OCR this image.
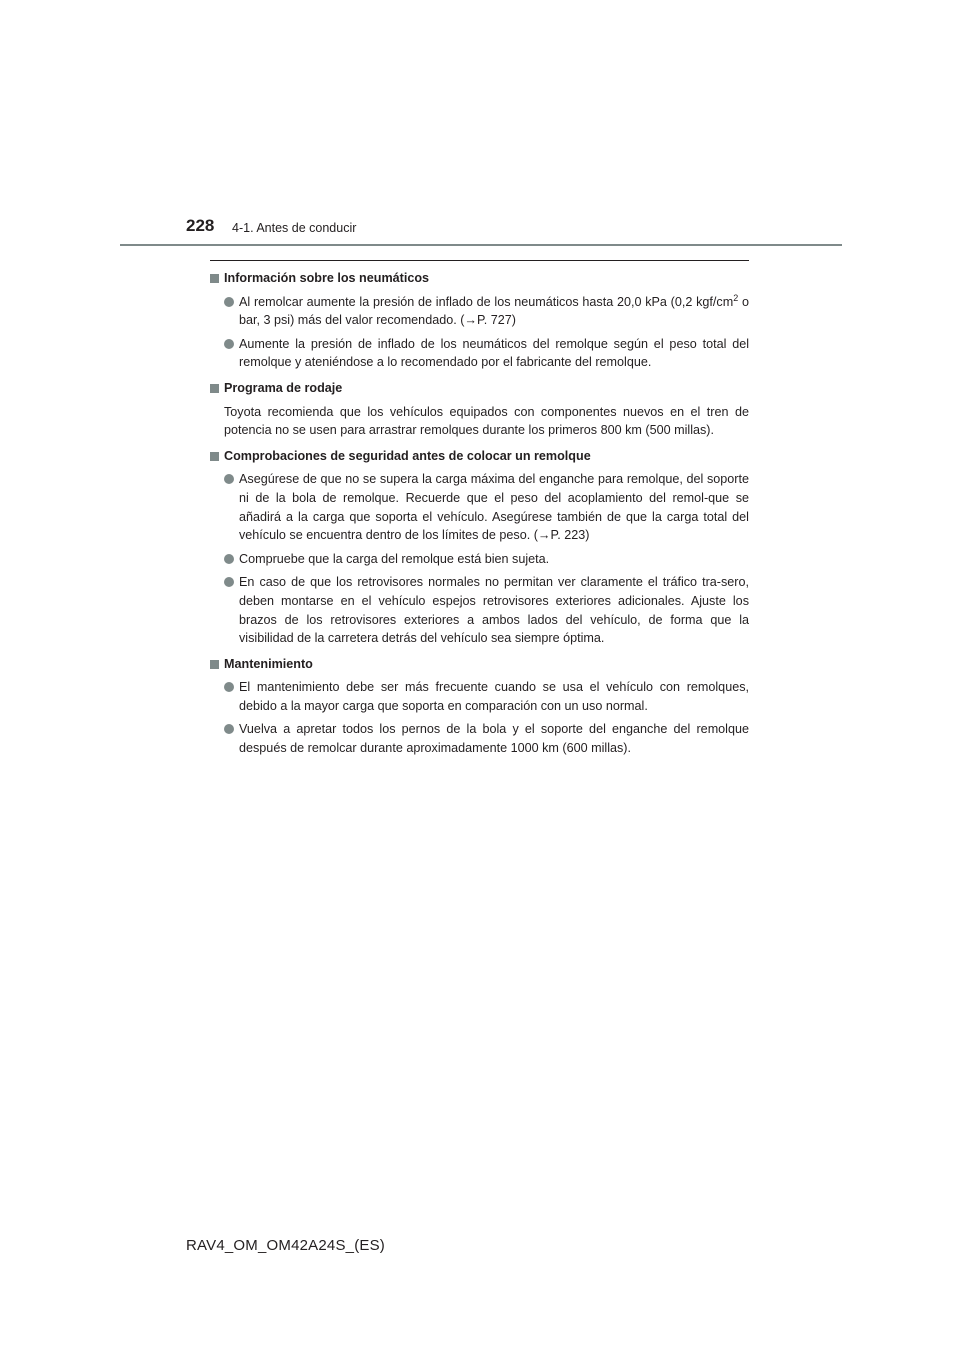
228 4-1. Antes de conducir
Información sobre los neumáticos
Al remolcar aumente la presión de inflado de los neumáticos hasta 20,0 kPa (0,2 kgf/$cm^2$ o bar, 3 psi) más del valor recomendado. (→P. 727)
Aumente la presión de inflado de los neumáticos del remolque según el peso total del remolque y ateniéndose a lo recomendado por el fabricante del remolque.
Programa de rodaje
Toyota recomienda que los vehículos equipados con componentes nuevos en el tren de potencia no se usen para arrastrar remolques durante los primeros 800 km (500 millas).
Comprobaciones de seguridad antes de colocar un remolque
Asegúrese de que no se supera la carga máxima del enganche para remolque, del soporte ni de la bola de remolque. Recuerde que el peso del acoplamiento del remol-que se añadirá a la carga que soporta el vehículo. Asegúrese también de que la carga total del vehículo se encuentra dentro de los límites de peso. (→P. 223)
Compruebe que la carga del remolque está bien sujeta.
En caso de que los retrovisores normales no permitan ver claramente el tráfico tra-sero, deben montarse en el vehículo espejos retrovisores exteriores adicionales. Ajuste los brazos de los retrovisores exteriores a ambos lados del vehículo, de forma que la visibilidad de la carretera detrás del vehículo sea siempre óptima.
Mantenimiento
El mantenimiento debe ser más frecuente cuando se usa el vehículo con remolques, debido a la mayor carga que soporta en comparación con un uso normal.
Vuelva a apretar todos los pernos de la bola y el soporte del enganche del remolque después de remolcar durante aproximadamente 1000 km (600 millas).
RAV4_OM_OM42A24S_(ES)
